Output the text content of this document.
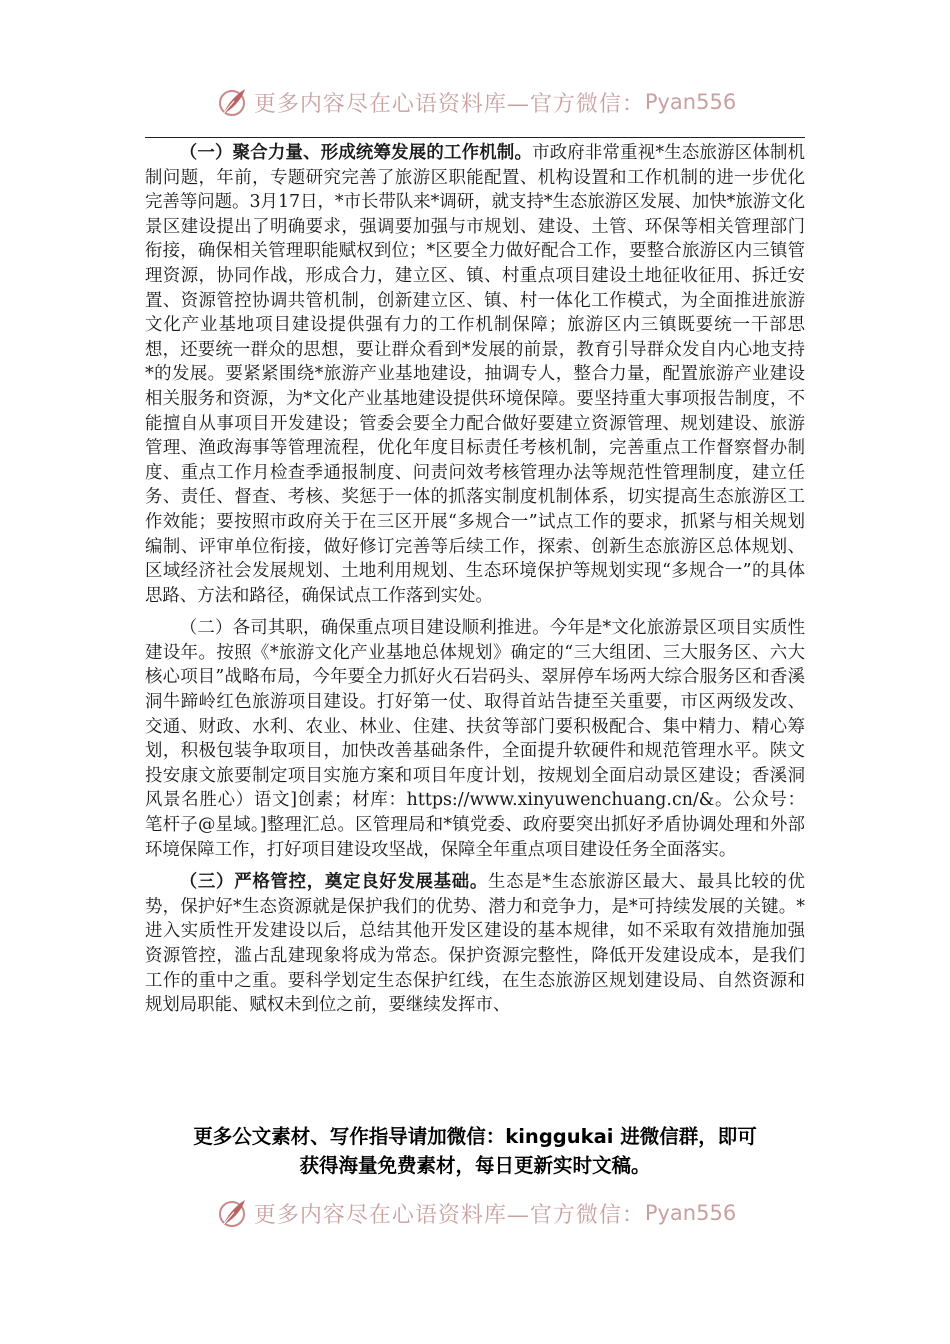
更多内容尽在心语资料库—官方微信： Pyan556

（一）聚合力量、形成统筹发展的工作机制。市政府非常重视*生态旅游区体制机制问题，年前，专题研究完善了旅游区职能配置、机构设置和工作机制的进一步优化完善等问题。3月17日，*市长带队来*调研，就支持*生态旅游区发展、加快*旅游文化景区建设提出了明确要求，强调要加强与市规划、建设、土管、环保等相关管理部门衔接，确保相关管理职能赋权到位；*区要全力做好配合工作，要整合旅游区内三镇管理资源，协同作战，形成合力，建立区、镇、村重点项目建设土地征收征用、拆迁安置、资源管控协调共管机制，创新建立区、镇、村一体化工作模式，为全面推进旅游文化产业基地项目建设提供强有力的工作机制保障；旅游区内三镇既要统一干部思想，还要统一群众的思想，要让群众看到*发展的前景，教育引导群众发自内心地支持*的发展。要紧紧围绕*旅游产业基地建设，抽调专人，整合力量，配置旅游产业建设相关服务和资源，为*文化产业基地建设提供环境保障。要坚持重大事项报告制度，不能擅自从事项目开发建设；管委会要全力配合做好要建立资源管理、规划建设、旅游管理、渔政海事等管理流程，优化年度目标责任考核机制，完善重点工作督察督办制度、重点工作月检查季通报制度、问责问效考核管理办法等规范性管理制度，建立任务、责任、督查、考核、奖惩于一体的抓落实制度机制体系，切实提高生态旅游区工作效能；要按照市政府关于在三区开展“多规合一”试点工作的要求，抓紧与相关规划编制、评审单位衔接，做好修订完善等后续工作，探索、创新生态旅游区总体规划、区域经济社会发展规划、土地利用规划、生态环境保护等规划实现“多规合一”的具体思路、方法和路径，确保试点工作落到实处。

（二）各司其职，确保重点项目建设顺利推进。今年是*文化旅游景区项目实质性建设年。按照《*旅游文化产业基地总体规划》确定的“三大组团、三大服务区、六大核心项目”战略布局，今年要全力抓好火石岩码头、翠屏停车场两大综合服务区和香溪洞牛蹄岭红色旅游项目建设。打好第一仗、取得首站告捷至关重要，市区两级发改、交通、财政、水利、农业、林业、住建、扶贫等部门要积极配合、集中精力、精心筹划，积极包装争取项目，加快改善基础条件，全面提升软硬件和规范管理水平。陕文投安康文旅要制定项目实施方案和项目年度计划，按规划全面启动景区建设；香溪洞风景名胜心）语文]创素；材库：https://www.xinyuwenchuang.cn/&。公众号：笔杆子@星域。]整理汇总。区管理局和*镇党委、政府要突出抓好矛盾协调处理和外部环境保障工作，打好项目建设攻坚战，保障全年重点项目建设任务全面落实。

（三）严格管控，奠定良好发展基础。生态是*生态旅游区最大、最具比较的优势，保护好*生态资源就是保护我们的优势、潜力和竞争力，是*可持续发展的关键。*进入实质性开发建设以后，总结其他开发区建设的基本规律，如不采取有效措施加强资源管控，滥占乱建现象将成为常态。保护资源完整性，降低开发建设成本，是我们工作的重中之重。要科学划定生态保护红线，在生态旅游区规划建设局、自然资源和规划局职能、赋权未到位之前，要继续发挥市、

更多公文素材、写作指导请加微信：kinggukai 进微信群，即可
获得海量免费素材，每日更新实时文稿。
更多内容尽在心语资料库—官方微信： Pyan556
